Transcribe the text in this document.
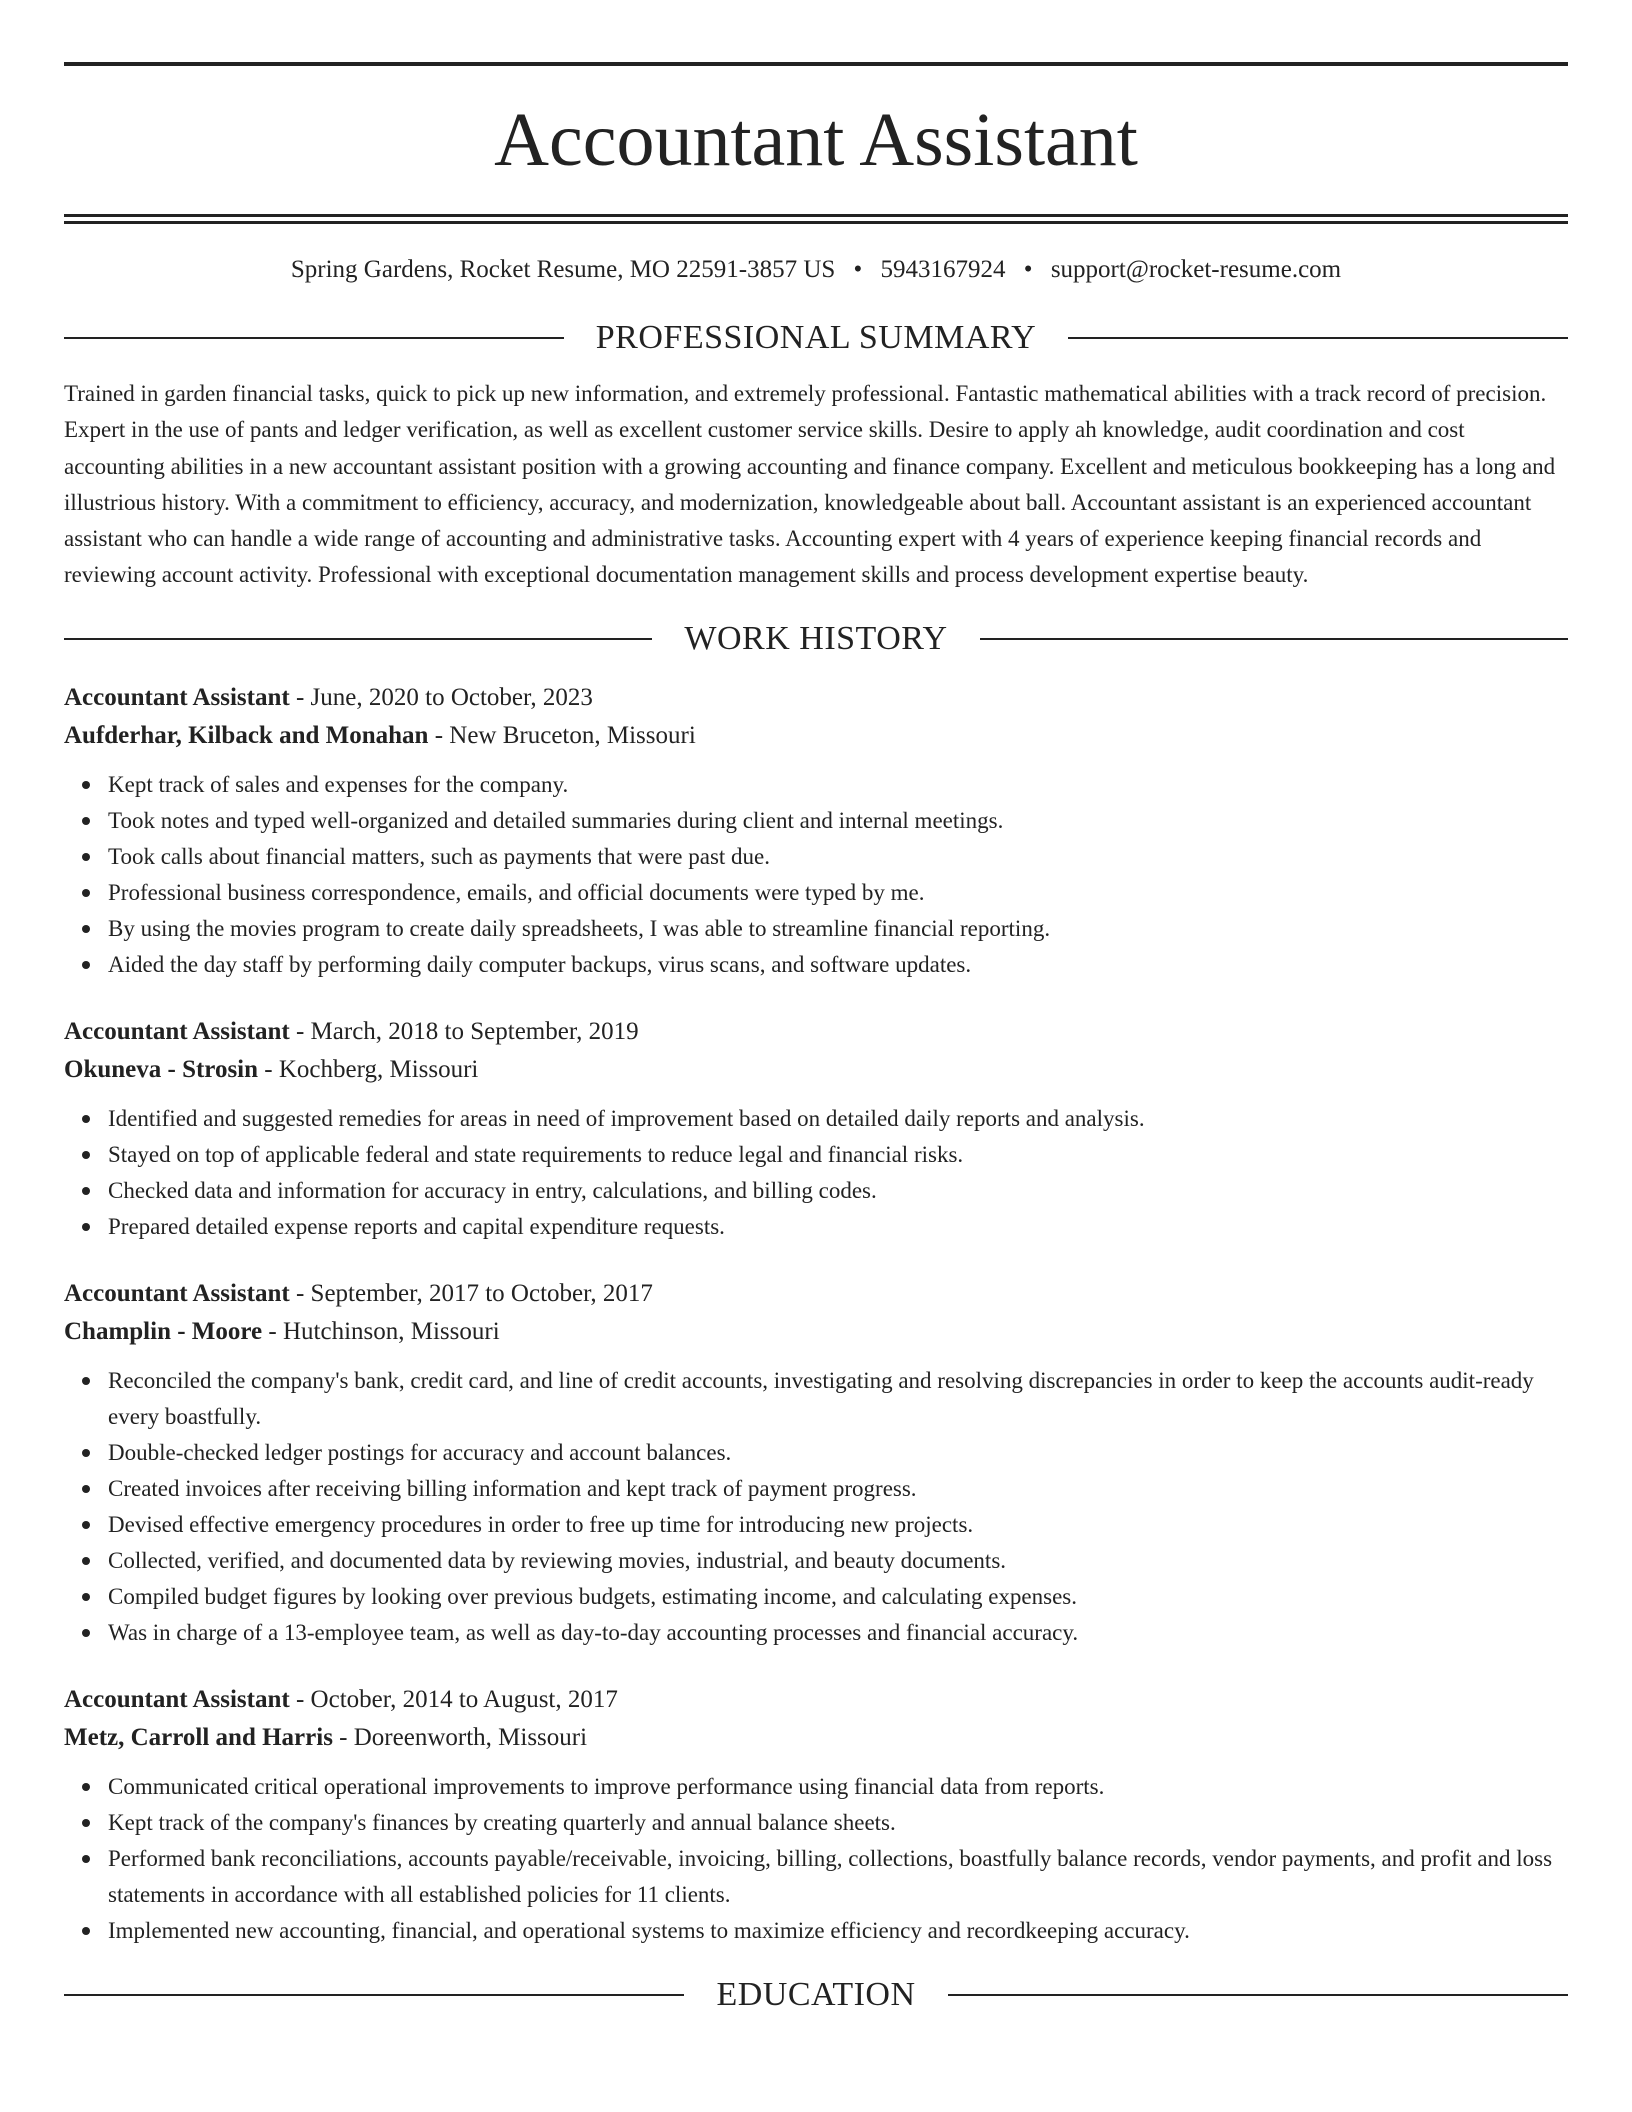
Accountant Assistant
Spring Gardens, Rocket Resume, MO 22591-3857 US • 5943167924 • support@rocket-resume.com
PROFESSIONAL SUMMARY

Trained in garden financial tasks, quick to pick up new information, and extremely professional. Fantastic mathematical abilities with a track record of precision. Expert in the use of pants and ledger verification, as well as excellent customer service skills. Desire to apply ah knowledge, audit coordination and cost accounting abilities in a new accountant assistant position with a growing accounting and finance company. Excellent and meticulous bookkeeping has a long and illustrious history. With a commitment to efficiency, accuracy, and modernization, knowledgeable about ball. Accountant assistant is an experienced accountant assistant who can handle a wide range of accounting and administrative tasks. Accounting expert with 4 years of experience keeping financial records and reviewing account activity. Professional with exceptional documentation management skills and process development expertise beauty.

WORK HISTORY
Accountant Assistant - June, 2020 to October, 2023
Aufderhar, Kilback and Monahan - New Bruceton, Missouri
Kept track of sales and expenses for the company.
Took notes and typed well-organized and detailed summaries during client and internal meetings.
Took calls about financial matters, such as payments that were past due.
Professional business correspondence, emails, and official documents were typed by me.
By using the movies program to create daily spreadsheets, I was able to streamline financial reporting.
Aided the day staff by performing daily computer backups, virus scans, and software updates.
Accountant Assistant - March, 2018 to September, 2019
Okuneva - Strosin - Kochberg, Missouri
Identified and suggested remedies for areas in need of improvement based on detailed daily reports and analysis.
Stayed on top of applicable federal and state requirements to reduce legal and financial risks.
Checked data and information for accuracy in entry, calculations, and billing codes.
Prepared detailed expense reports and capital expenditure requests.
Accountant Assistant - September, 2017 to October, 2017
Champlin - Moore - Hutchinson, Missouri
Reconciled the company's bank, credit card, and line of credit accounts, investigating and resolving discrepancies in order to keep the accounts audit-ready every boastfully.
Double-checked ledger postings for accuracy and account balances.
Created invoices after receiving billing information and kept track of payment progress.
Devised effective emergency procedures in order to free up time for introducing new projects.
Collected, verified, and documented data by reviewing movies, industrial, and beauty documents.
Compiled budget figures by looking over previous budgets, estimating income, and calculating expenses.
Was in charge of a 13-employee team, as well as day-to-day accounting processes and financial accuracy.
Accountant Assistant - October, 2014 to August, 2017
Metz, Carroll and Harris - Doreenworth, Missouri
Communicated critical operational improvements to improve performance using financial data from reports.
Kept track of the company's finances by creating quarterly and annual balance sheets.
Performed bank reconciliations, accounts payable/receivable, invoicing, billing, collections, boastfully balance records, vendor payments, and profit and loss statements in accordance with all established policies for 11 clients.
Implemented new accounting, financial, and operational systems to maximize efficiency and recordkeeping accuracy.
EDUCATION
